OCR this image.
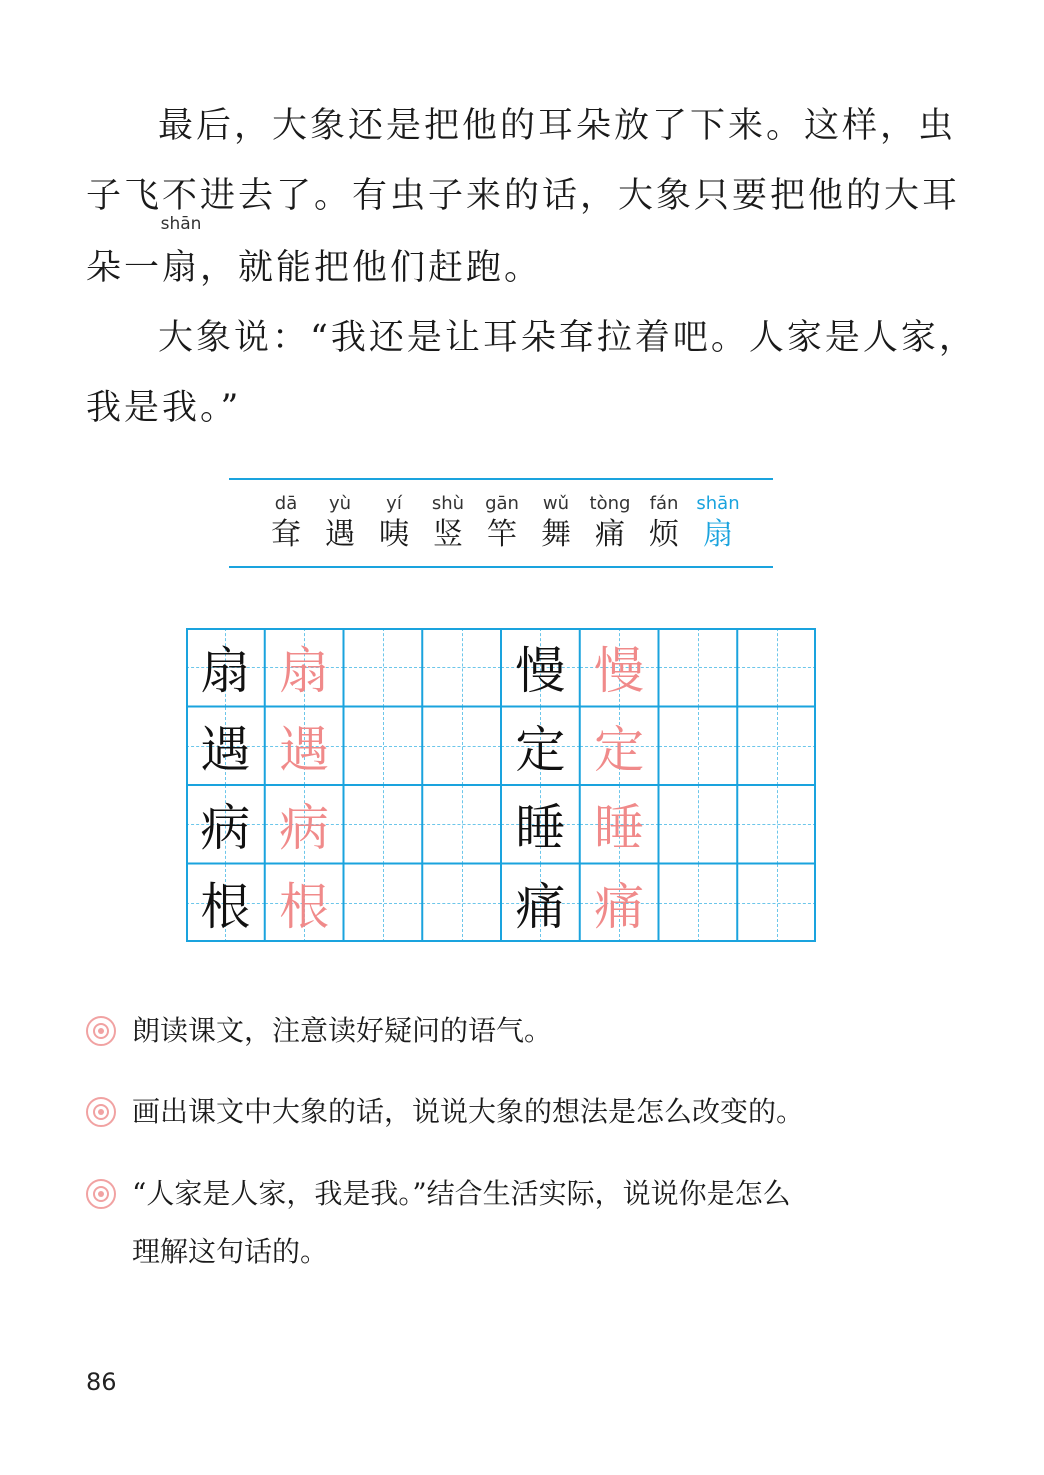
最后，大象还是把他的耳朵放了下来。这样，虫
子飞不进去了。有虫子来的话，大象只要把他的大耳
朵一
shān
扇，就能把他们赶跑。
大象说：“我还是让耳朵耷拉着吧。人家是人家，
我是我。”
dā
耷
yù
遇
yí
咦
shù
竖
gān
竿
wǔ
舞
tòng
痛
fán
烦
shān
扇
扇 扇	慢 慢
遇 遇	定 定
病 病	睡 睡
根 根	痛 痛
朗读课文，注意读好疑问的语气。
画出课文中大象的话，说说大象的想法是怎么改变的。
“人家是人家，我是我。”结合生活实际，说说你是怎么
理解这句话的。
86
